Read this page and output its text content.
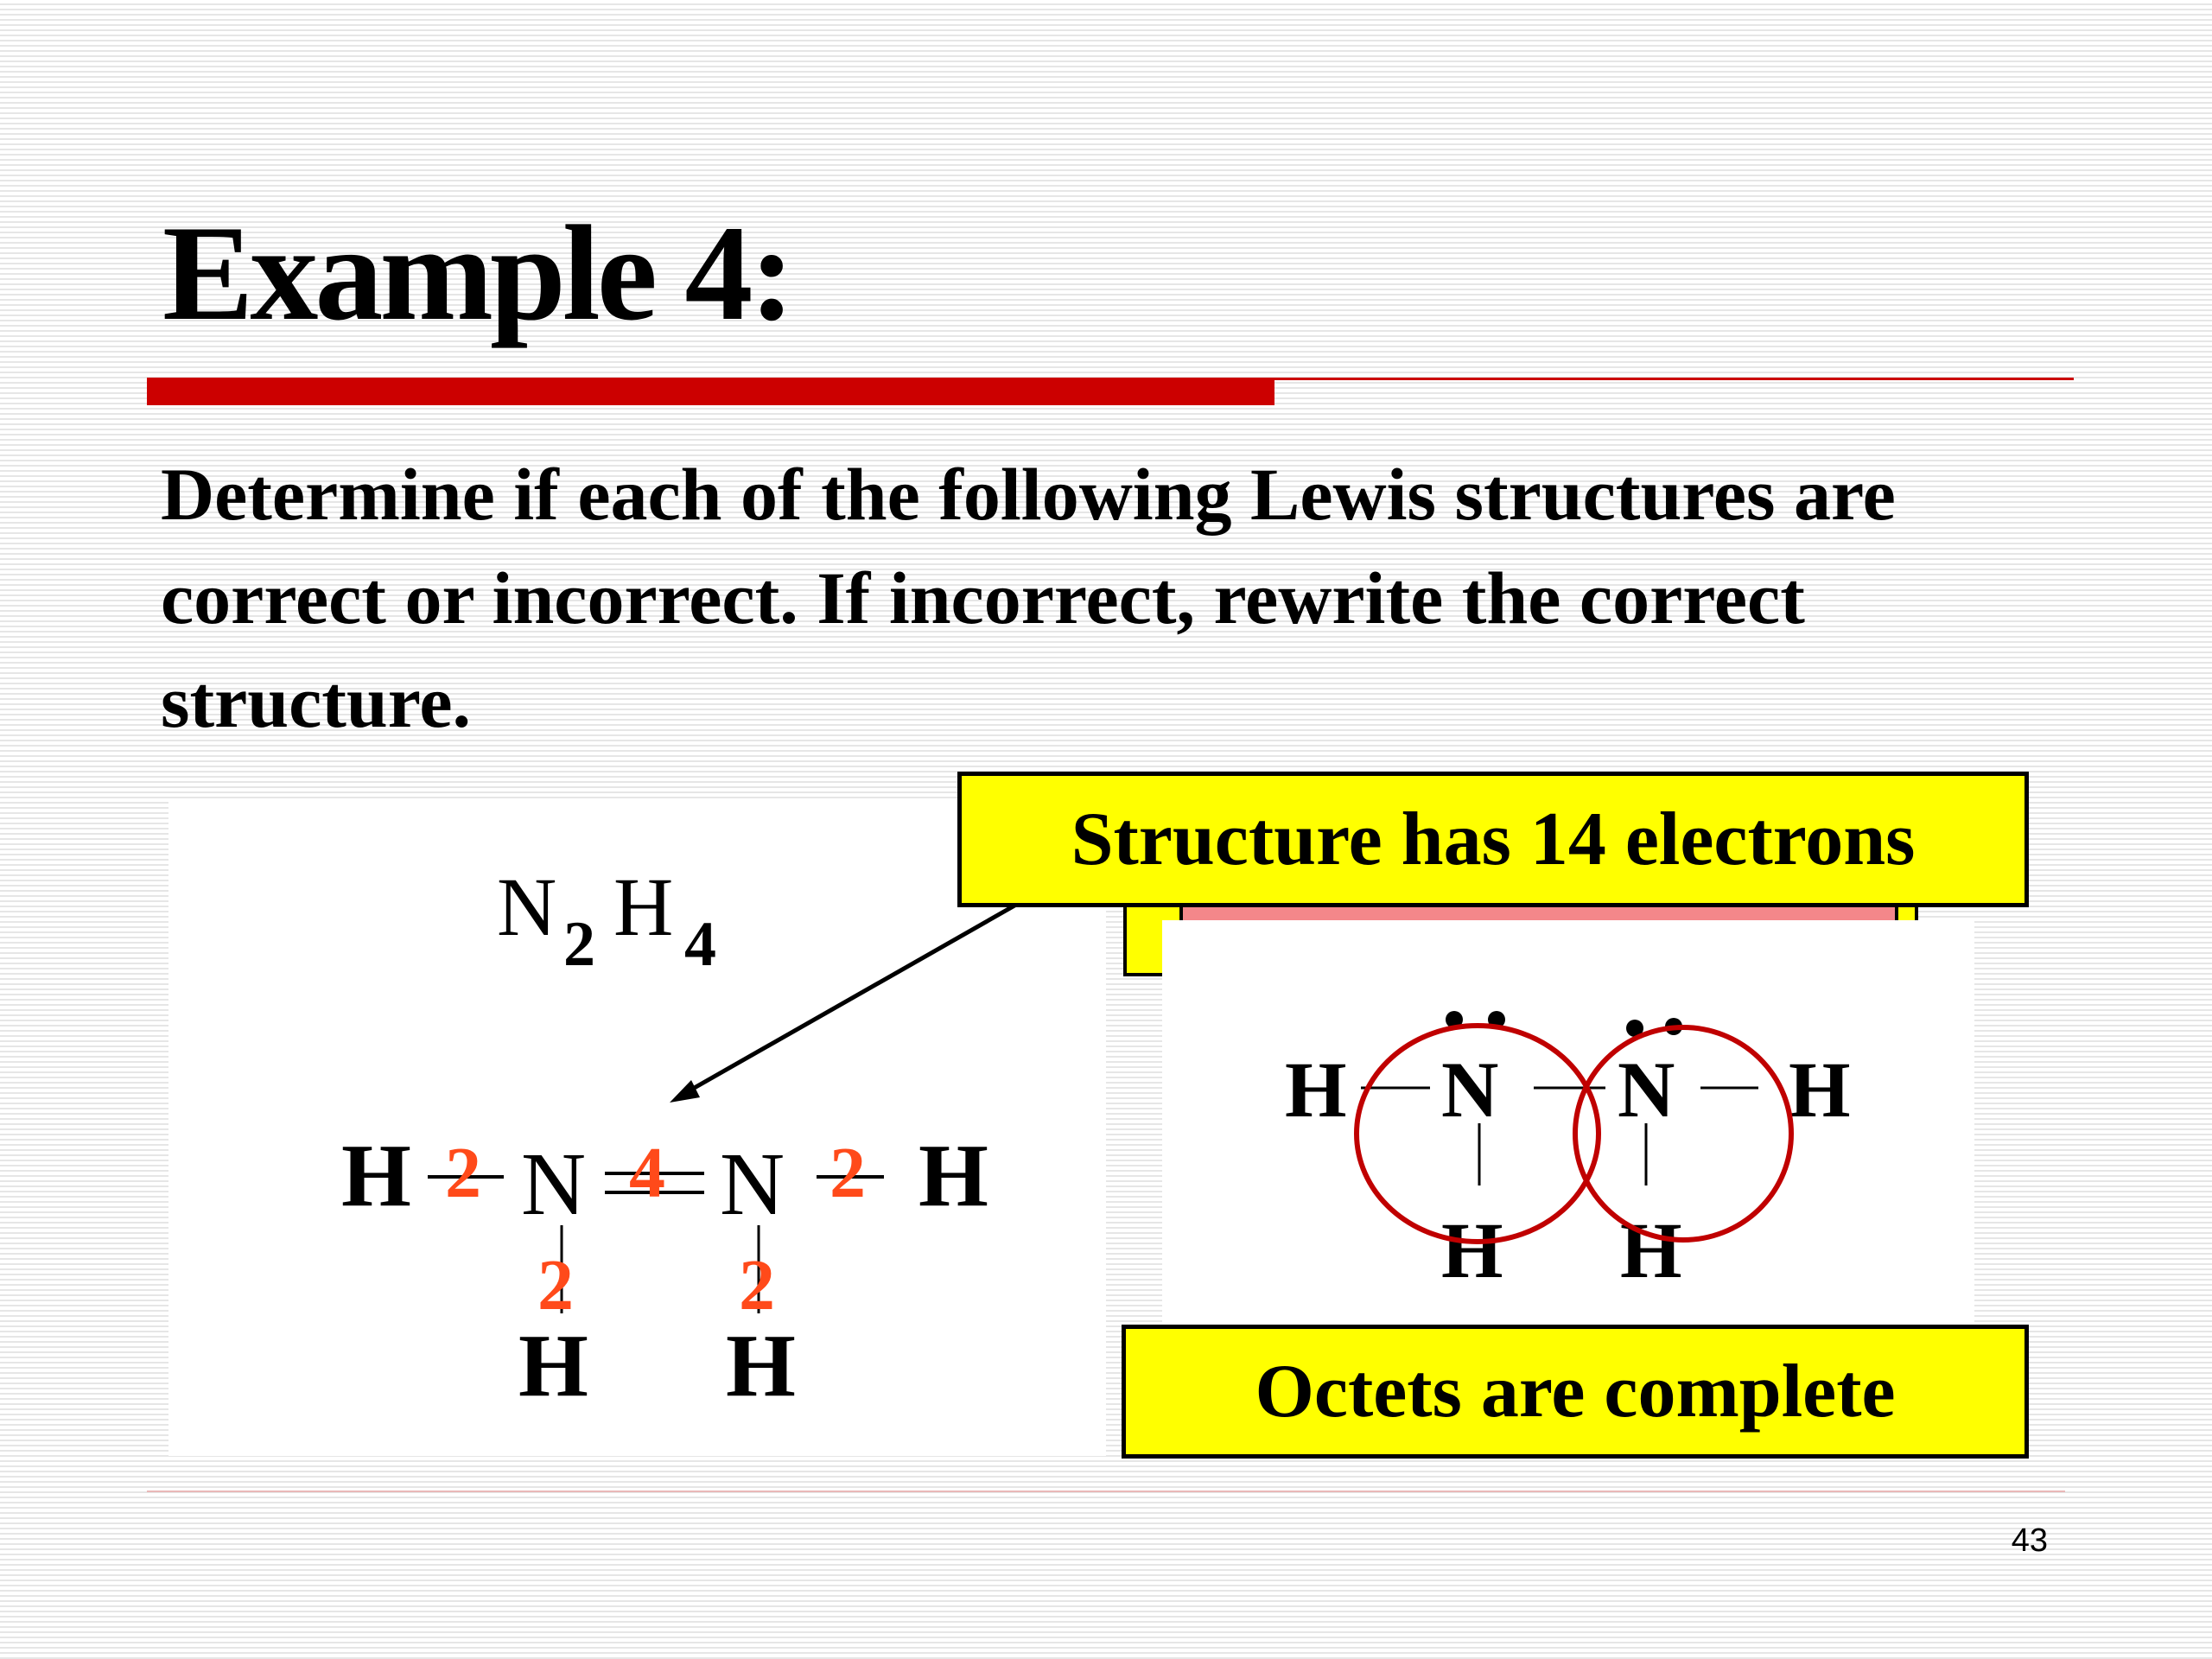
Example 4:
Determine if each of the following Lewis structures are correct or incorrect. If incorrect, rewrite the correct structure.
N 2 H 4
H N N H
H H
2 4 2
2 2
H N N H
H H
Structure has 14 electrons
Octets are complete
43
